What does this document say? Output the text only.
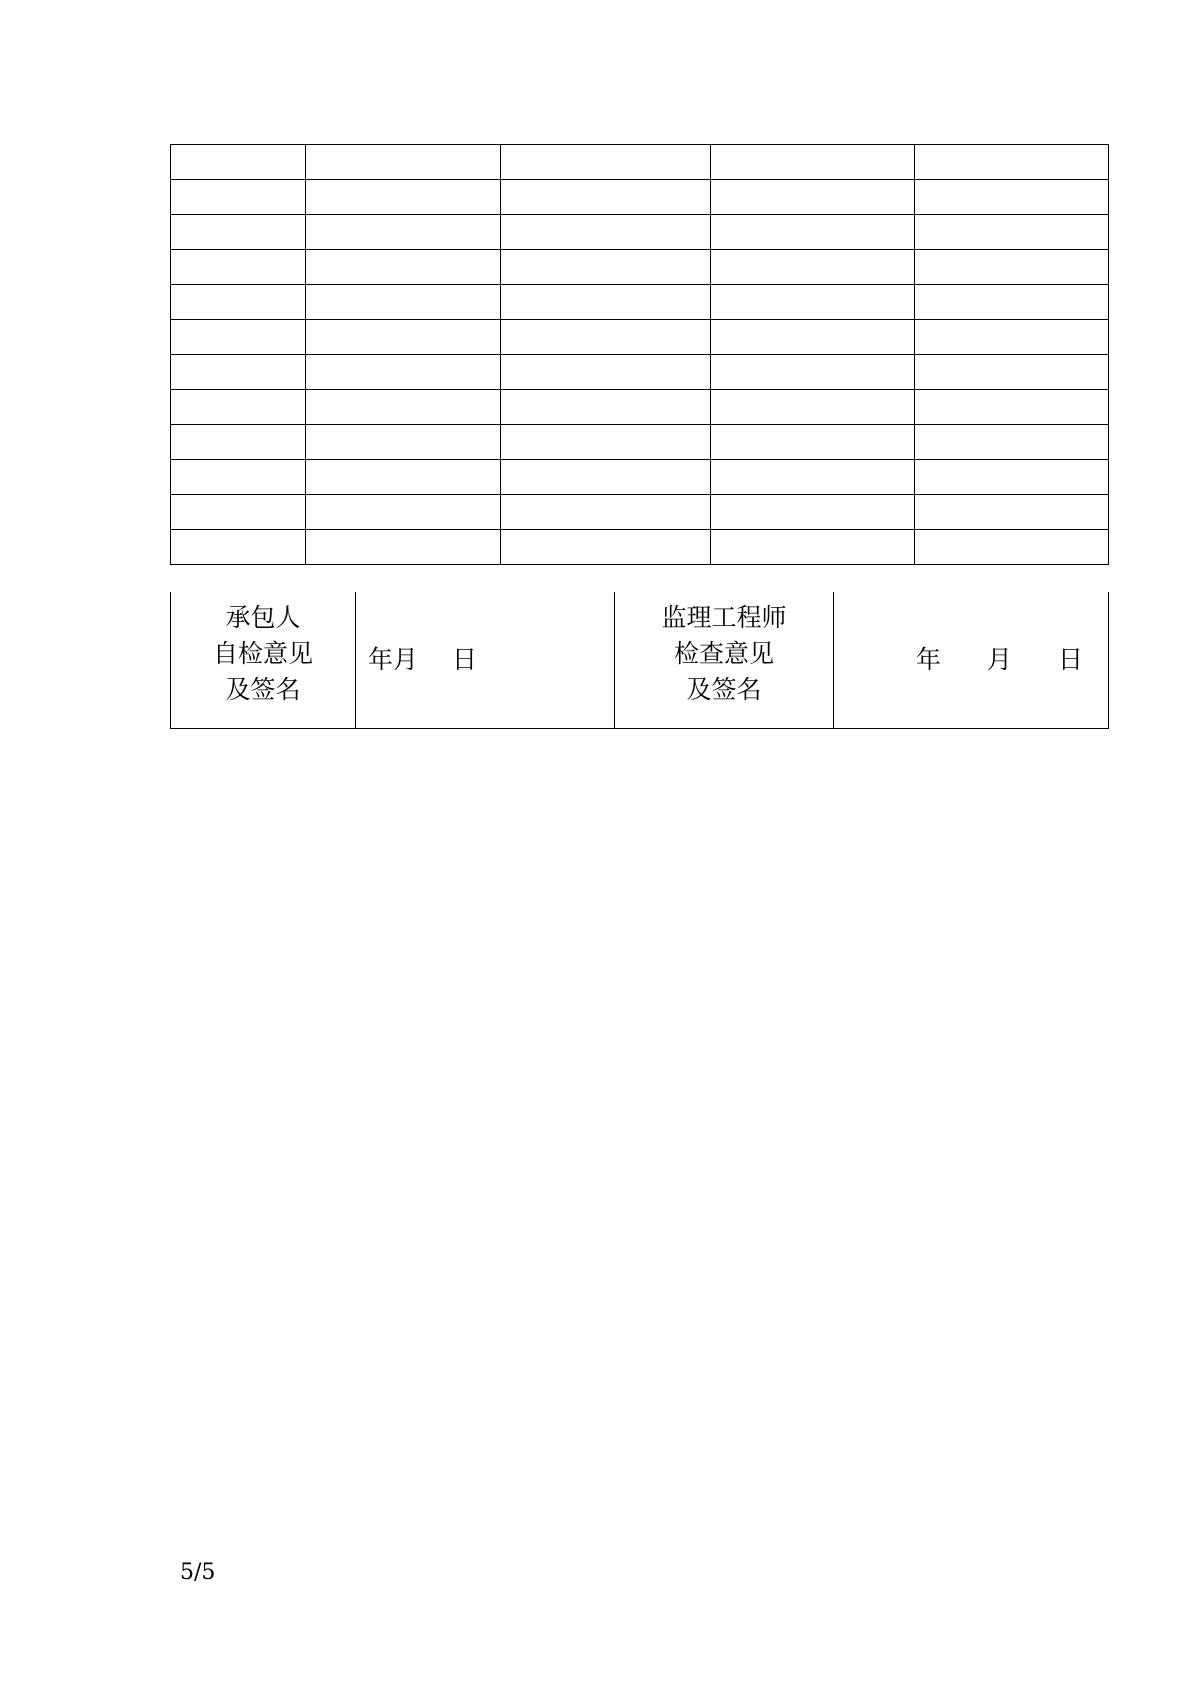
承包人
自检意见
及签名
	年月 日	
监理工程师
检查意见
及签名
	年 月 日
5/5
